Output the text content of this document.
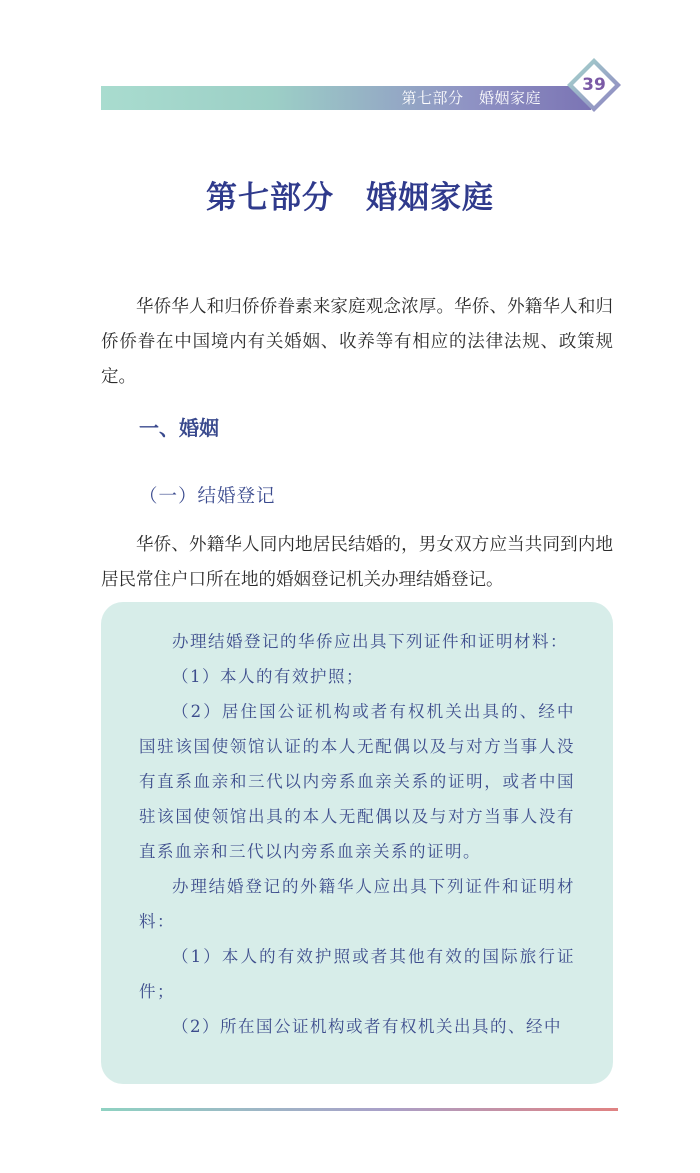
第七部分　婚姻家庭
39
第七部分　婚姻家庭

华侨华人和归侨侨眷素来家庭观念浓厚。华侨、外籍华人和归侨侨眷在中国境内有关婚姻、收养等有相应的法律法规、政策规定。

一、婚姻
（一）结婚登记

华侨、外籍华人同内地居民结婚的，男女双方应当共同到内地居民常住户口所在地的婚姻登记机关办理结婚登记。

办理结婚登记的华侨应出具下列证件和证明材料：

（1）本人的有效护照；

（2）居住国公证机构或者有权机关出具的、经中国驻该国使领馆认证的本人无配偶以及与对方当事人没有直系血亲和三代以内旁系血亲关系的证明，或者中国驻该国使领馆出具的本人无配偶以及与对方当事人没有直系血亲和三代以内旁系血亲关系的证明。

办理结婚登记的外籍华人应出具下列证件和证明材料：

（1）本人的有效护照或者其他有效的国际旅行证件；

（2）所在国公证机构或者有权机关出具的、经中
